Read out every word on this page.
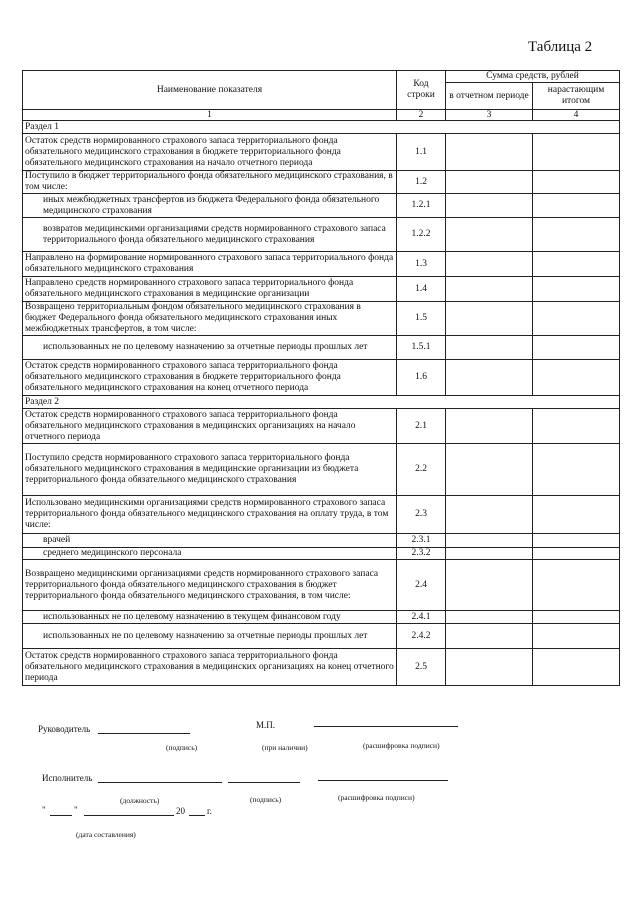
Таблица 2
Наименование показателя	Код строки	Сумма средств, рублей	
		в отчетном периоде	нарастающим итогом
1	2	3	4
Раздел 1			
Остаток средств нормированного страхового запаса территориального фонда обязательного медицинского страхования в бюджете территориального фонда обязательного медицинского страхования на начало отчетного периода	1.1		
Поступило в бюджет территориального фонда обязательного медицинского страхования, в том числе:	1.2		
иных межбюджетных трансфертов из бюджета Федерального фонда обязательного медицинского страхования	1.2.1		
возвратов медицинскими организациями средств нормированного страхового запаса территориального фонда обязательного медицинского страхования	1.2.2		
Направлено на формирование нормированного страхового запаса территориального фонда обязательного медицинского страхования	1.3		
Направлено средств нормированного страхового запаса территориального фонда обязательного медицинского страхования в медицинские организации	1.4		
Возвращено территориальным фондом обязательного медицинского страхования в бюджет Федерального фонда обязательного медицинского страхования иных межбюджетных трансфертов, в том числе:	1.5		
использованных не по целевому назначению за отчетные периоды прошлых лет	1.5.1		
Остаток средств нормированного страхового запаса территориального фонда обязательного медицинского страхования в бюджете территориального фонда обязательного медицинского страхования на конец отчетного периода	1.6		
Раздел 2			
Остаток средств нормированного страхового запаса территориального фонда обязательного медицинского страхования в медицинских организациях на начало отчетного периода	2.1		
Поступило средств нормированного страхового запаса территориального фонда обязательного медицинского страхования в медицинские организации из бюджета территориального фонда обязательного медицинского страхования	2.2		
Использовано медицинскими организациями средств нормированного страхового запаса территориального фонда обязательного медицинского страхования на оплату труда, в том числе:	2.3		
врачей	2.3.1		
среднего медицинского персонала	2.3.2		
Возвращено медицинскими организациями средств нормированного страхового запаса территориального фонда обязательного медицинского страхования в бюджет территориального фонда обязательного медицинского страхования, в том числе:	2.4		
использованных не по целевому назначению в текущем финансовом году	2.4.1		
использованных не по целевому назначению за отчетные периоды прошлых лет	2.4.2		
Остаток средств нормированного страхового запаса территориального фонда обязательного медицинского страхования в медицинских организациях на конец отчетного периода	2.5		
Руководитель	М.П.
(подпись)	(при наличии)	(расшифровка подписи)
Исполнитель
(должность)	(подпись)	(расшифровка подписи)
"	"	20 г.
(дата составления)
